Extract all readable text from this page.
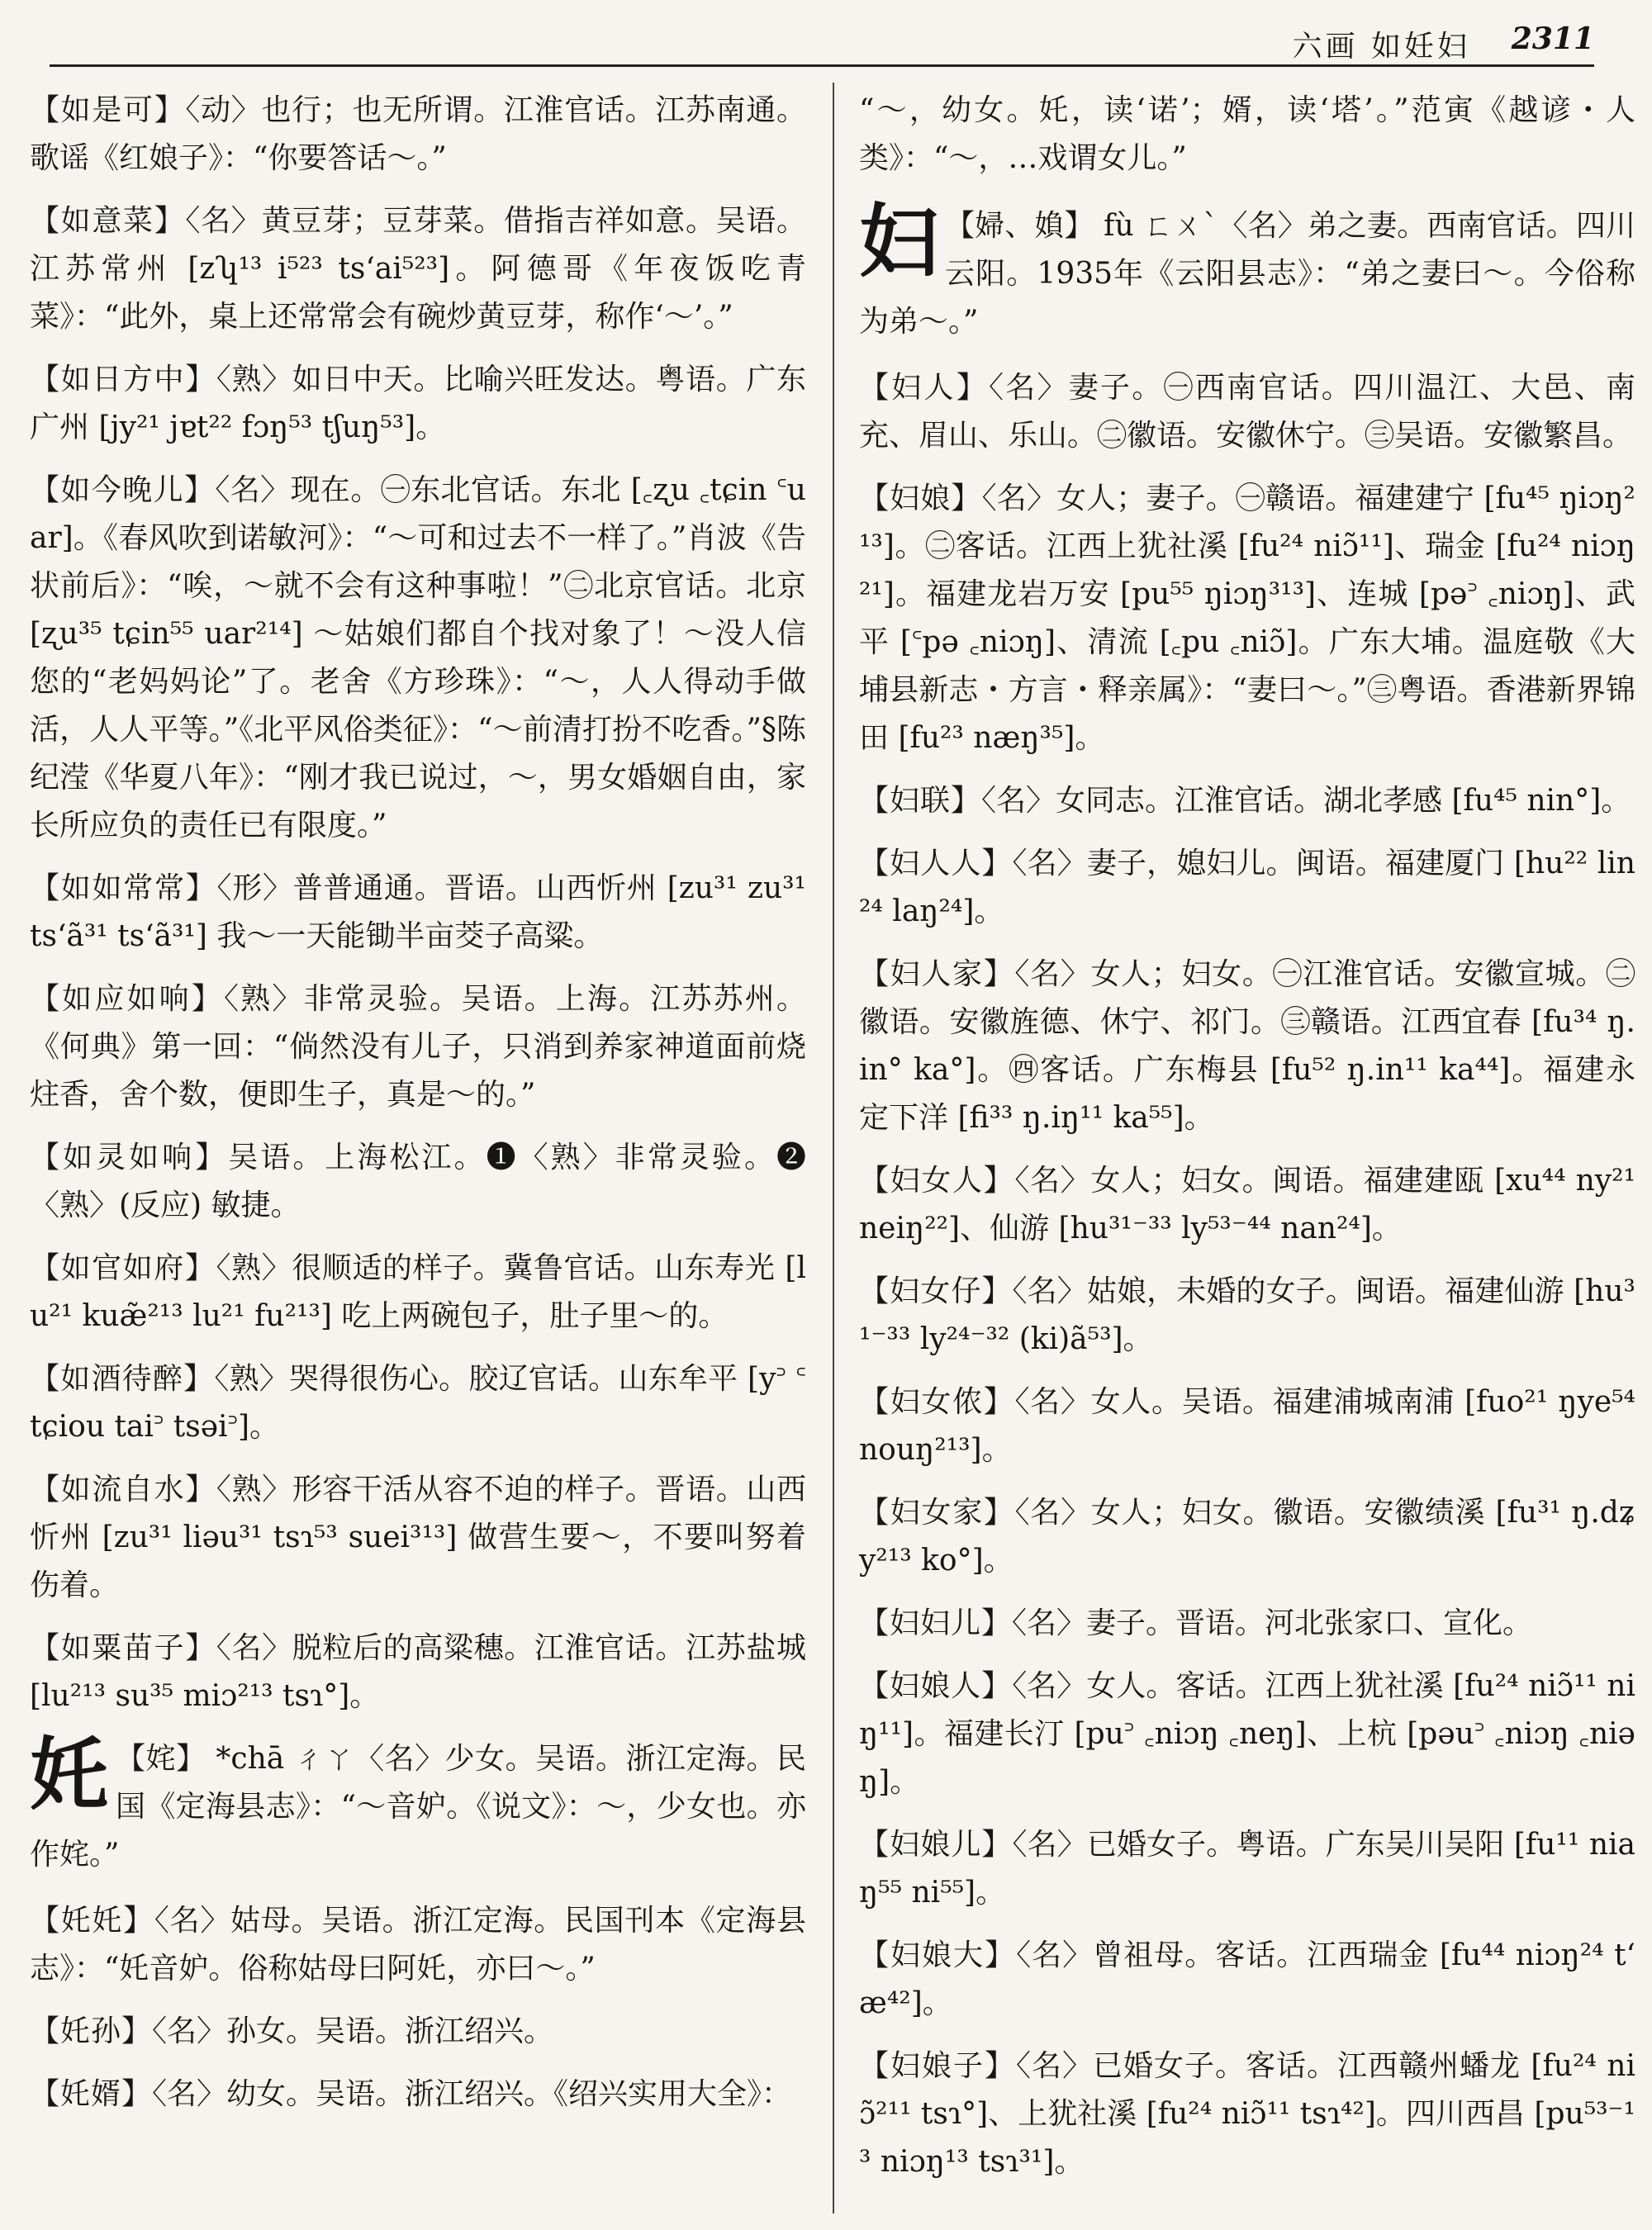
六画 如妊妇 2311
【如是可】〈动〉也行；也无所谓。江淮官话。江苏南通。歌谣《红娘子》：“你要答话～。”
【如意菜】〈名〉黄豆芽；豆芽菜。借指吉祥如意。吴语。江苏常州 [zʮ¹³ i⁵²³ tsʻai⁵²³]。阿德哥《年夜饭吃青菜》：“此外，桌上还常常会有碗炒黄豆芽，称作‘～’。”
【如日方中】〈熟〉如日中天。比喻兴旺发达。粤语。广东广州 [jy²¹ jɐt²² fɔŋ⁵³ tʃuŋ⁵³]。
【如今晚儿】〈名〉现在。㊀东北官话。东北 [꜀ʐu ꜀tɕin ꜂uar]。《春风吹到诺敏河》：“～可和过去不一样了。”肖波《告状前后》：“唉，～就不会有这种事啦！”㊁北京官话。北京 [ʐu³⁵ tɕin⁵⁵ uar²¹⁴] ～姑娘们都自个找对象了！～没人信您的“老妈妈论”了。老舍《方珍珠》：“～，人人得动手做活，人人平等。”《北平风俗类征》：“～前清打扮不吃香。”§陈纪滢《华夏八年》：“刚才我已说过，～，男女婚姻自由，家长所应负的责任已有限度。”
【如如常常】〈形〉普普通通。晋语。山西忻州 [zu³¹ zu³¹ tsʻã³¹ tsʻã³¹] 我～一天能锄半亩茭子高粱。
【如应如响】〈熟〉非常灵验。吴语。上海。江苏苏州。《何典》第一回：“倘然没有儿子，只消到养家神道面前烧炷香，舍个数，便即生子，真是～的。”
【如灵如响】吴语。上海松江。❶〈熟〉非常灵验。❷〈熟〉(反应) 敏捷。
【如官如府】〈熟〉很顺适的样子。冀鲁官话。山东寿光 [lu²¹ kuæ̃²¹³ lu²¹ fu²¹³] 吃上两碗包子，肚子里～的。
【如酒待醉】〈熟〉哭得很伤心。胶辽官话。山东牟平 [y꜄ ꜂tɕiou tai꜄ tsəi꜄]。
【如流自水】〈熟〉形容干活从容不迫的样子。晋语。山西忻州 [zu³¹ liəu³¹ tsɿ⁵³ suei³¹³] 做营生要～，不要叫努着伤着。
【如粟苗子】〈名〉脱粒后的高粱穗。江淮官话。江苏盐城 [lu²¹³ su³⁵ miɔ²¹³ tsɿ°]。
奼 【姹】 *chā ㄔㄚ〈名〉少女。吴语。浙江定海。民国《定海县志》：“～音妒。《说文》：～，少女也。亦作姹。”
【奼奼】〈名〉姑母。吴语。浙江定海。民国刊本《定海县志》：“奼音妒。俗称姑母曰阿奼，亦曰～。”
【奼孙】〈名〉孙女。吴语。浙江绍兴。
【奼婿】〈名〉幼女。吴语。浙江绍兴。《绍兴实用大全》：
“～，幼女。奼，读‘诺’；婿，读‘塔’。”范寅《越谚・人类》：“～，…戏谓女儿。”
妇 【婦、媍】 fù ㄈㄨˋ〈名〉弟之妻。西南官话。四川云阳。1935年《云阳县志》：“弟之妻曰～。今俗称为弟～。”
【妇人】〈名〉妻子。㊀西南官话。四川温江、大邑、南充、眉山、乐山。㊁徽语。安徽休宁。㊂吴语。安徽繁昌。
【妇娘】〈名〉女人；妻子。㊀赣语。福建建宁 [fu⁴⁵ ŋiɔŋ²¹³]。㊁客话。江西上犹社溪 [fu²⁴ niɔ̃¹¹]、瑞金 [fu²⁴ niɔŋ²¹]。福建龙岩万安 [pu⁵⁵ ŋiɔŋ³¹³]、连城 [pə꜄ ꜀niɔŋ]、武平 [꜂pə ꜀niɔŋ]、清流 [꜀pu ꜀niɔ̃]。广东大埔。温庭敬《大埔县新志・方言・释亲属》：“妻曰～。”㊂粤语。香港新界锦田 [fu²³ næŋ³⁵]。
【妇联】〈名〉女同志。江淮官话。湖北孝感 [fu⁴⁵ nin°]。
【妇人人】〈名〉妻子，媳妇儿。闽语。福建厦门 [hu²² lin²⁴ laŋ²⁴]。
【妇人家】〈名〉女人；妇女。㊀江淮官话。安徽宣城。㊁徽语。安徽旌德、休宁、祁门。㊂赣语。江西宜春 [fu³⁴ ŋ.in° ka°]。㊃客话。广东梅县 [fu⁵² ŋ.in¹¹ ka⁴⁴]。福建永定下洋 [fi³³ ŋ.iŋ¹¹ ka⁵⁵]。
【妇女人】〈名〉女人；妇女。闽语。福建建瓯 [xu⁴⁴ ny²¹ neiŋ²²]、仙游 [hu³¹⁻³³ ly⁵³⁻⁴⁴ nan²⁴]。
【妇女仔】〈名〉姑娘，未婚的女子。闽语。福建仙游 [hu³¹⁻³³ ly²⁴⁻³² (ki)ã⁵³]。
【妇女侬】〈名〉女人。吴语。福建浦城南浦 [fuo²¹ ŋye⁵⁴ nouŋ²¹³]。
【妇女家】〈名〉女人；妇女。徽语。安徽绩溪 [fu³¹ ŋ.dʑy²¹³ ko°]。
【妇妇儿】〈名〉妻子。晋语。河北张家口、宣化。
【妇娘人】〈名〉女人。客话。江西上犹社溪 [fu²⁴ niɔ̃¹¹ niŋ¹¹]。福建长汀 [pu꜄ ꜀niɔŋ ꜀neŋ]、上杭 [pəu꜄ ꜀niɔŋ ꜀niəŋ]。
【妇娘儿】〈名〉已婚女子。粤语。广东吴川吴阳 [fu¹¹ niaŋ⁵⁵ ni⁵⁵]。
【妇娘大】〈名〉曾祖母。客话。江西瑞金 [fu⁴⁴ niɔŋ²⁴ tʻæ⁴²]。
【妇娘子】〈名〉已婚女子。客话。江西赣州蟠龙 [fu²⁴ niɔ̃²¹¹ tsɿ°]、上犹社溪 [fu²⁴ niɔ̃¹¹ tsɿ⁴²]。四川西昌 [pu⁵³⁻¹³ niɔŋ¹³ tsɿ³¹]。
